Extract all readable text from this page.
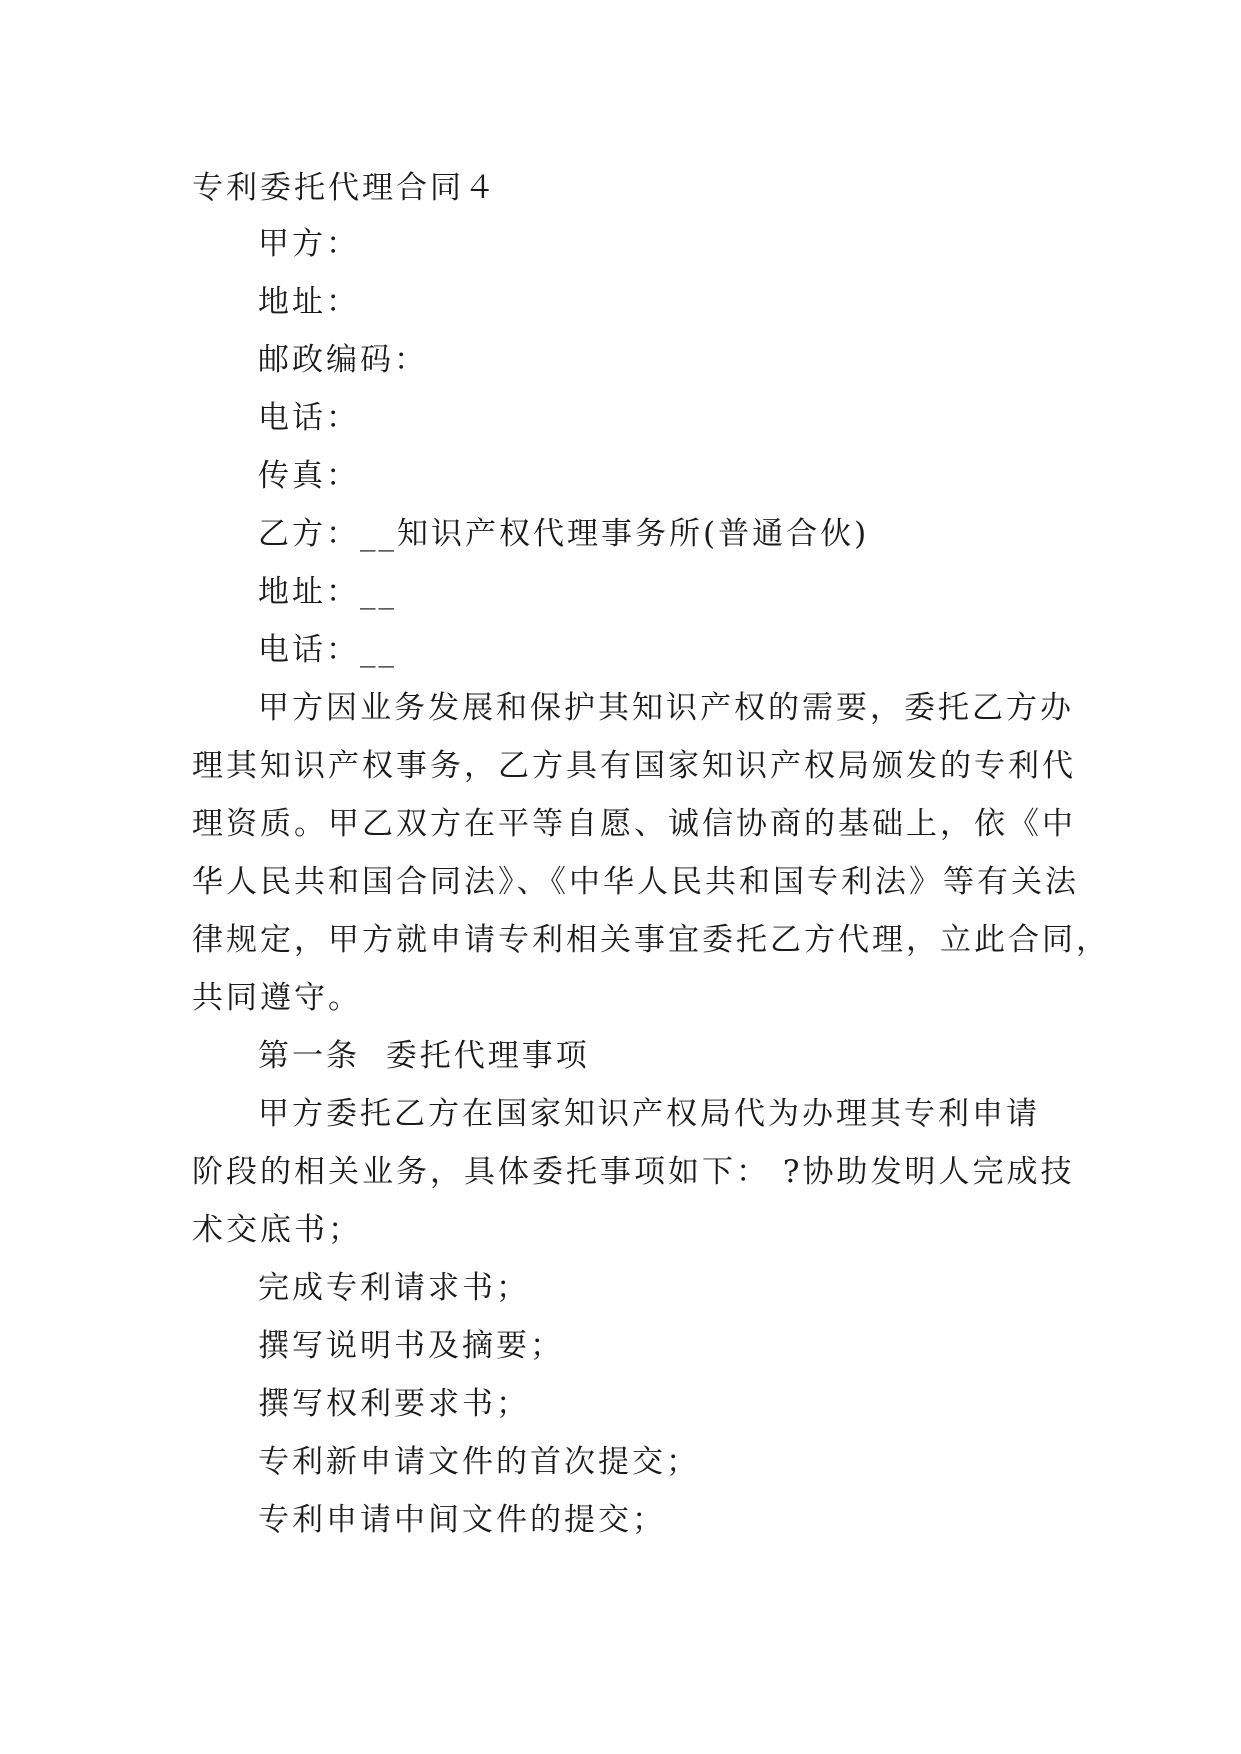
专利委托代理合同４
甲方：
地址：
邮政编码：
电话：
传真：
乙方：__知识产权代理事务所(普通合伙)
地址：__
电话：__
甲方因业务发展和保护其知识产权的需要，委托乙方办
理其知识产权事务，乙方具有国家知识产权局颁发的专利代
理资质。甲乙双方在平等自愿、诚信协商的基础上，依《中
华人民共和国合同法》、《中华人民共和国专利法》等有关法
律规定，甲方就申请专利相关事宜委托乙方代理，立此合同，
共同遵守。
第一条  委托代理事项
甲方委托乙方在国家知识产权局代为办理其专利申请
阶段的相关业务，具体委托事项如下： ?协助发明人完成技
术交底书；
完成专利请求书；
撰写说明书及摘要；
撰写权利要求书；
专利新申请文件的首次提交；
专利申请中间文件的提交；
